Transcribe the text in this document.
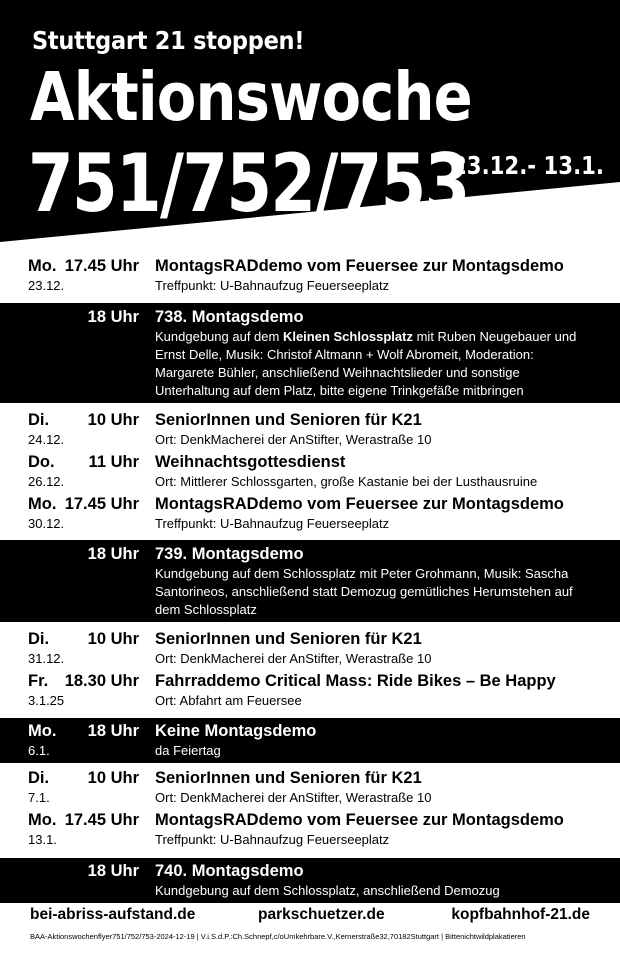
Stuttgart 21 stoppen!
Aktionswoche
751/752/753
23.12.- 13.1.
Mo. 17.45 Uhr MontagsRADdemo vom Feuersee zur Montagsdemo
23.12.	Treffpunkt: U-Bahnaufzug Feuerseeplatz
18 Uhr 738. Montagsdemo
Kundgebung auf dem Kleinen Schlossplatz mit Ruben Neugebauer und Ernst Delle, Musik: Christof Altmann + Wolf Abromeit, Moderation: Margarete Bühler, anschließend Weihnachtslieder und sonstige Unterhaltung auf dem Platz, bitte eigene Trinkgefäße mitbringen
Di. 10 Uhr SeniorInnen und Senioren für K21
24.12.	Ort: DenkMacherei der AnStifter, Werastraße 10
Do. 11 Uhr Weihnachtsgottesdienst
26.12.	Ort: Mittlerer Schlossgarten, große Kastanie bei der Lusthausruine
Mo. 17.45 Uhr MontagsRADdemo vom Feuersee zur Montagsdemo
30.12.	Treffpunkt: U-Bahnaufzug Feuerseeplatz
18 Uhr 739. Montagsdemo
Kundgebung auf dem Schlossplatz mit Peter Grohmann, Musik: Sascha Santorineos, anschließend statt Demozug gemütliches Herumstehen auf dem Schlossplatz
Di. 10 Uhr SeniorInnen und Senioren für K21
31.12.	Ort: DenkMacherei der AnStifter, Werastraße 10
Fr. 18.30 Uhr Fahrraddemo Critical Mass: Ride Bikes – Be Happy
3.1.25	Ort: Abfahrt am Feuersee
Mo. 18 Uhr Keine Montagsdemo
6.1.	da Feiertag
Di. 10 Uhr SeniorInnen und Senioren für K21
7.1.	Ort: DenkMacherei der AnStifter, Werastraße 10
Mo. 17.45 Uhr MontagsRADdemo vom Feuersee zur Montagsdemo
13.1.	Treffpunkt: U-Bahnaufzug Feuerseeplatz
18 Uhr 740. Montagsdemo
Kundgebung auf dem Schlossplatz, anschließend Demozug
bei-abriss-aufstand.de	parkschuetzer.de	kopfbahnhof-21.de
BAA-Aktionswochenflyer751/752/753-2024-12-19 | V.i.S.d.P.:Ch.Schnepf,c/oUmkehrbare.V.,Kernerstraße32,70182Stuttgart | Bittenichtwildplakatieren
